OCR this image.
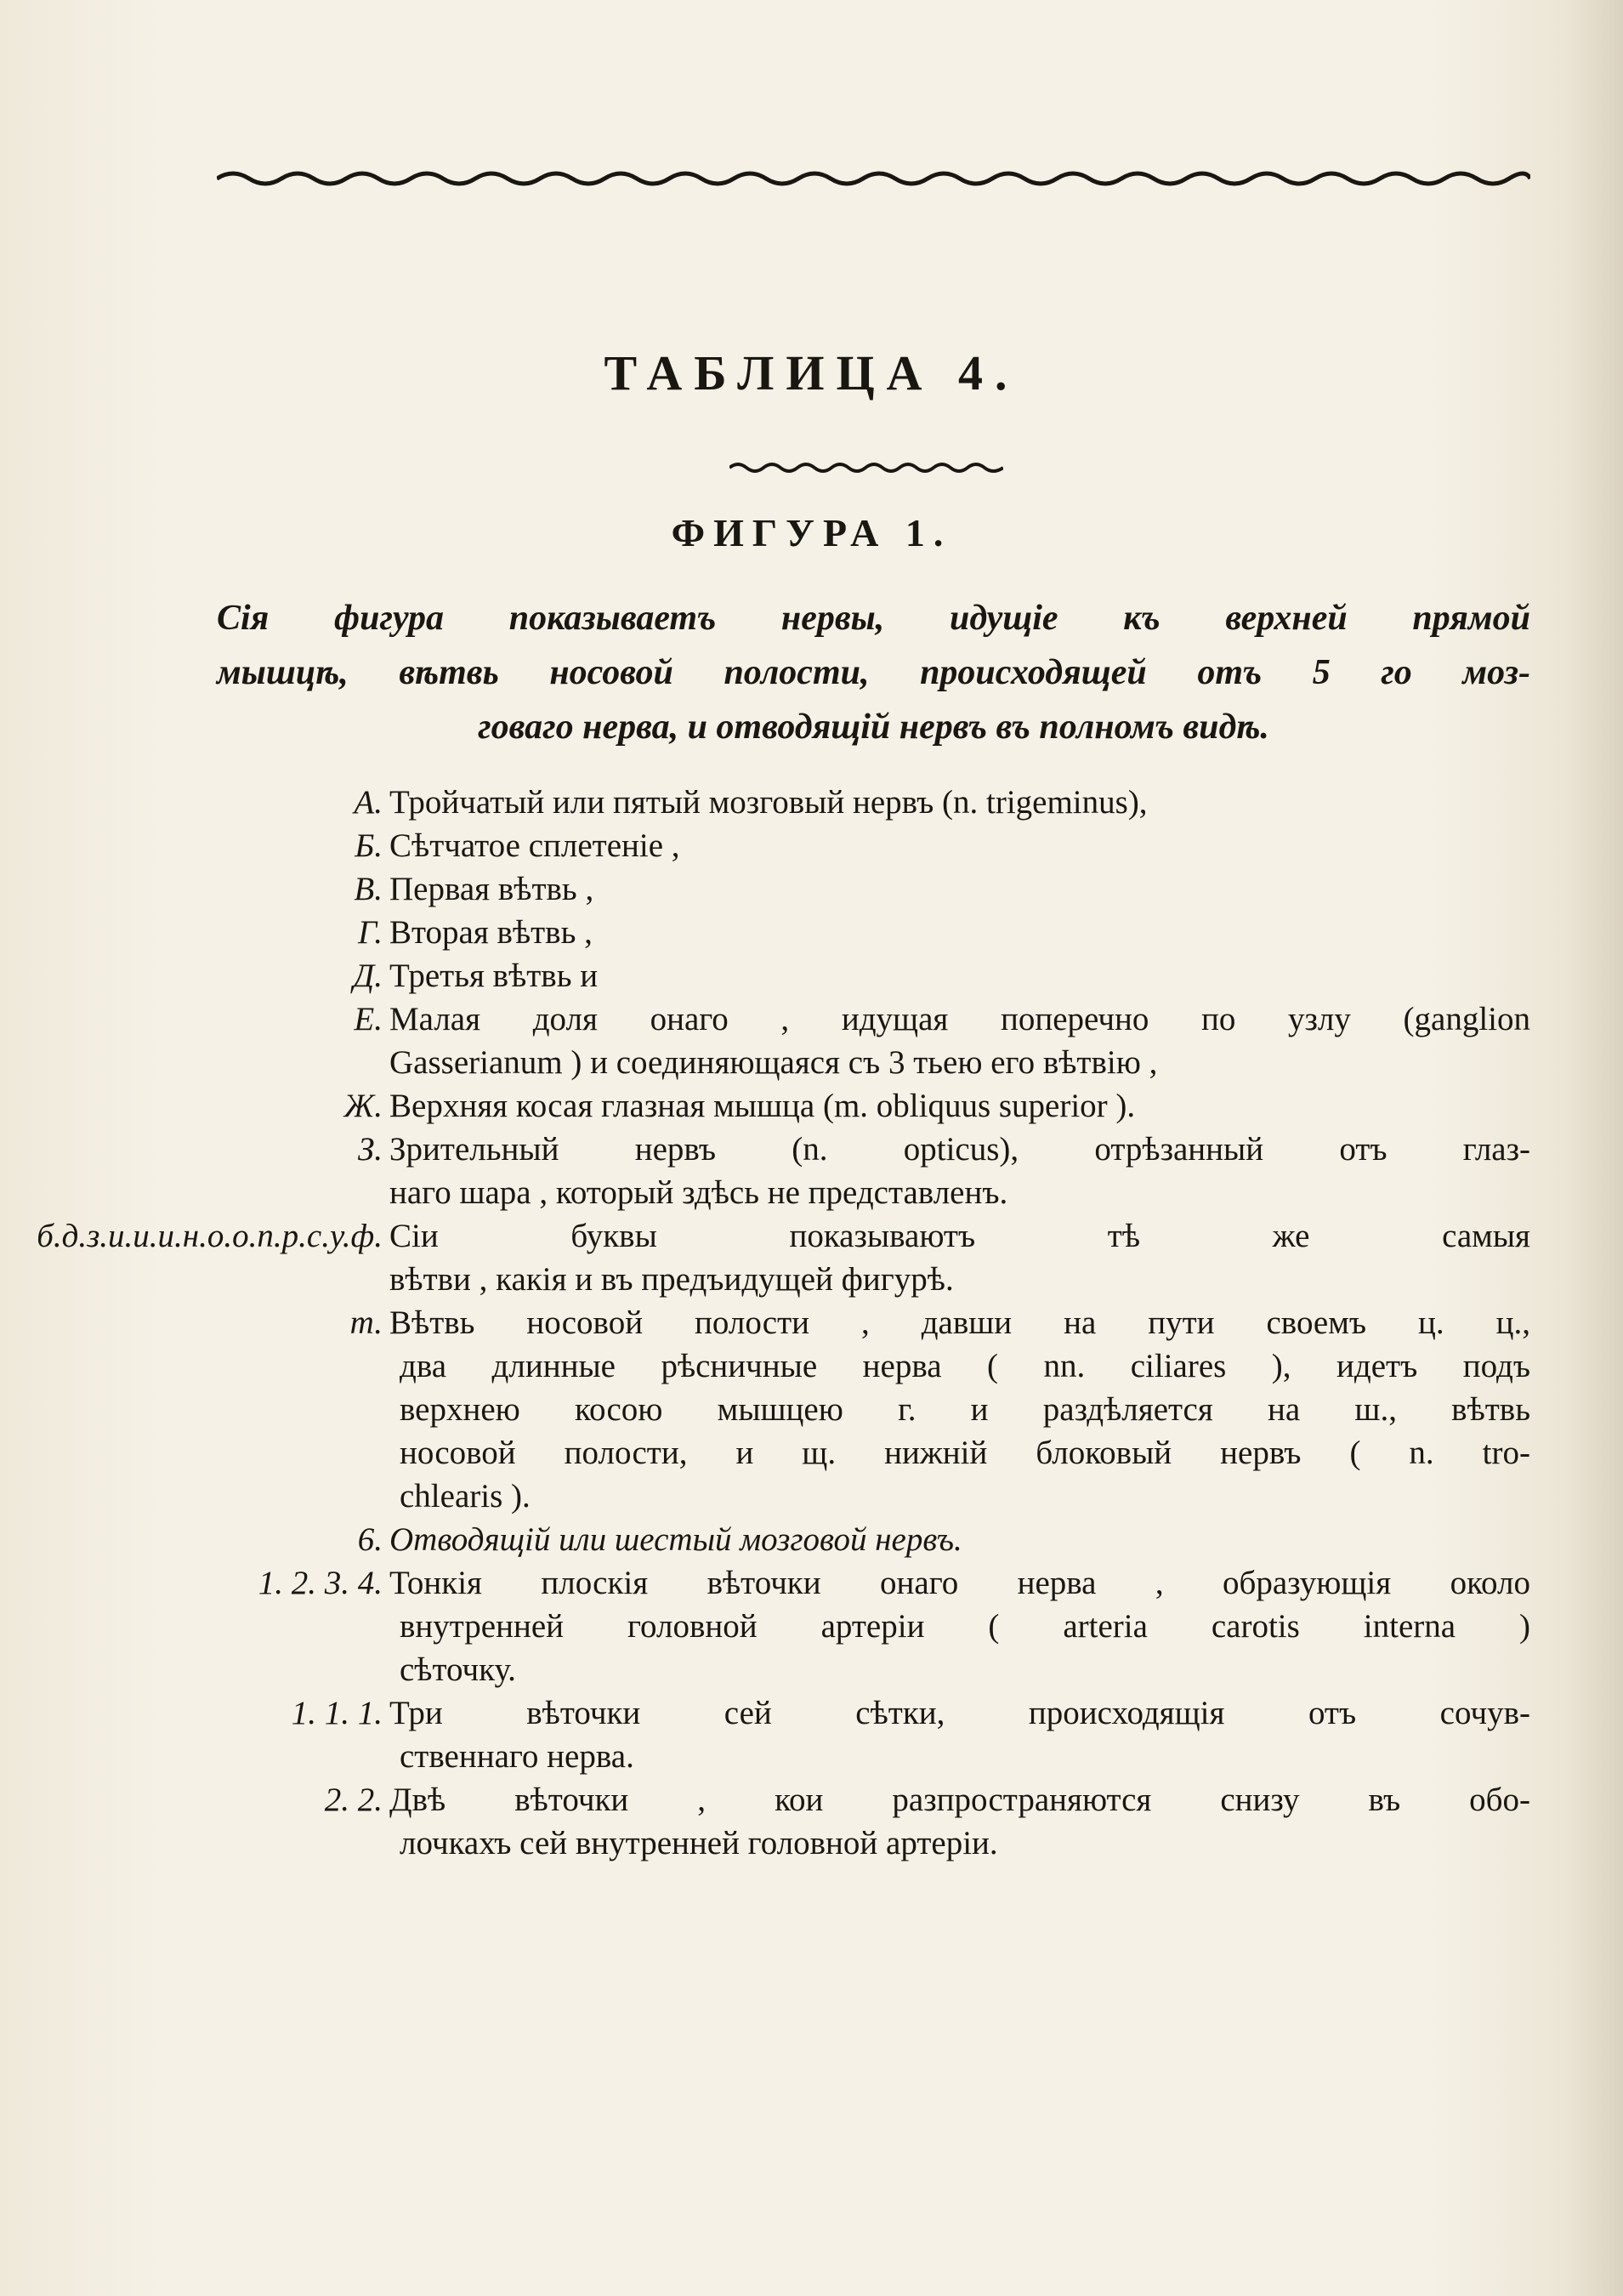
ТАБЛИЦА 4.
ФИГУРА 1.
Сія фигура показываетъ нервы, идущіе къ верхней прямой
мышцѣ, вѣтвь носовой полости, происходящей отъ 5 го моз-
говаго нерва, и отводящій нервъ въ полномъ видѣ.
А. Тройчатый или пятый мозговый нервъ (n. trigeminus),
Б. Сѣтчатое сплетеніе ,
В. Первая вѣтвь ,
Г. Вторая вѣтвь ,
Д. Третья вѣтвь и
Е. Малая доля онаго , идущая поперечно по узлу (ganglion
Gasserianum ) и соединяющаяся съ 3 тьею его вѣтвію ,
Ж. Верхняя косая глазная мышца (m. obliquus superior ).
З. Зрительный нервъ (n. opticus), отрѣзанный отъ глаз-
наго шара , который здѣсь не представленъ.
б.д.з.и.и.и.н.о.о.п.р.с.у.ф. Сіи буквы показываютъ тѣ же самыя
вѣтви , какія и въ предъидущей фигурѣ.
т. Вѣтвь носовой полости , давши на пути своемъ ц. ц.,
два длинные рѣсничные нерва ( nn. ciliares ), идетъ подъ
верхнею косою мышцею г. и раздѣляется на ш., вѣтвь
носовой полости, и щ. нижній блоковый нервъ ( n. tro-
chlearis ).
6. Отводящій или шестый мозговой нервъ.
1. 2. 3. 4. Тонкія плоскія вѣточки онаго нерва , образующія около
внутренней головной артеріи ( arteria carotis interna )
сѣточку.
1. 1. 1. Три вѣточки сей сѣтки, происходящія отъ сочув-
ственнаго нерва.
2. 2. Двѣ вѣточки , кои разпространяются снизу въ обо-
лочкахъ сей внутренней головной артеріи.
